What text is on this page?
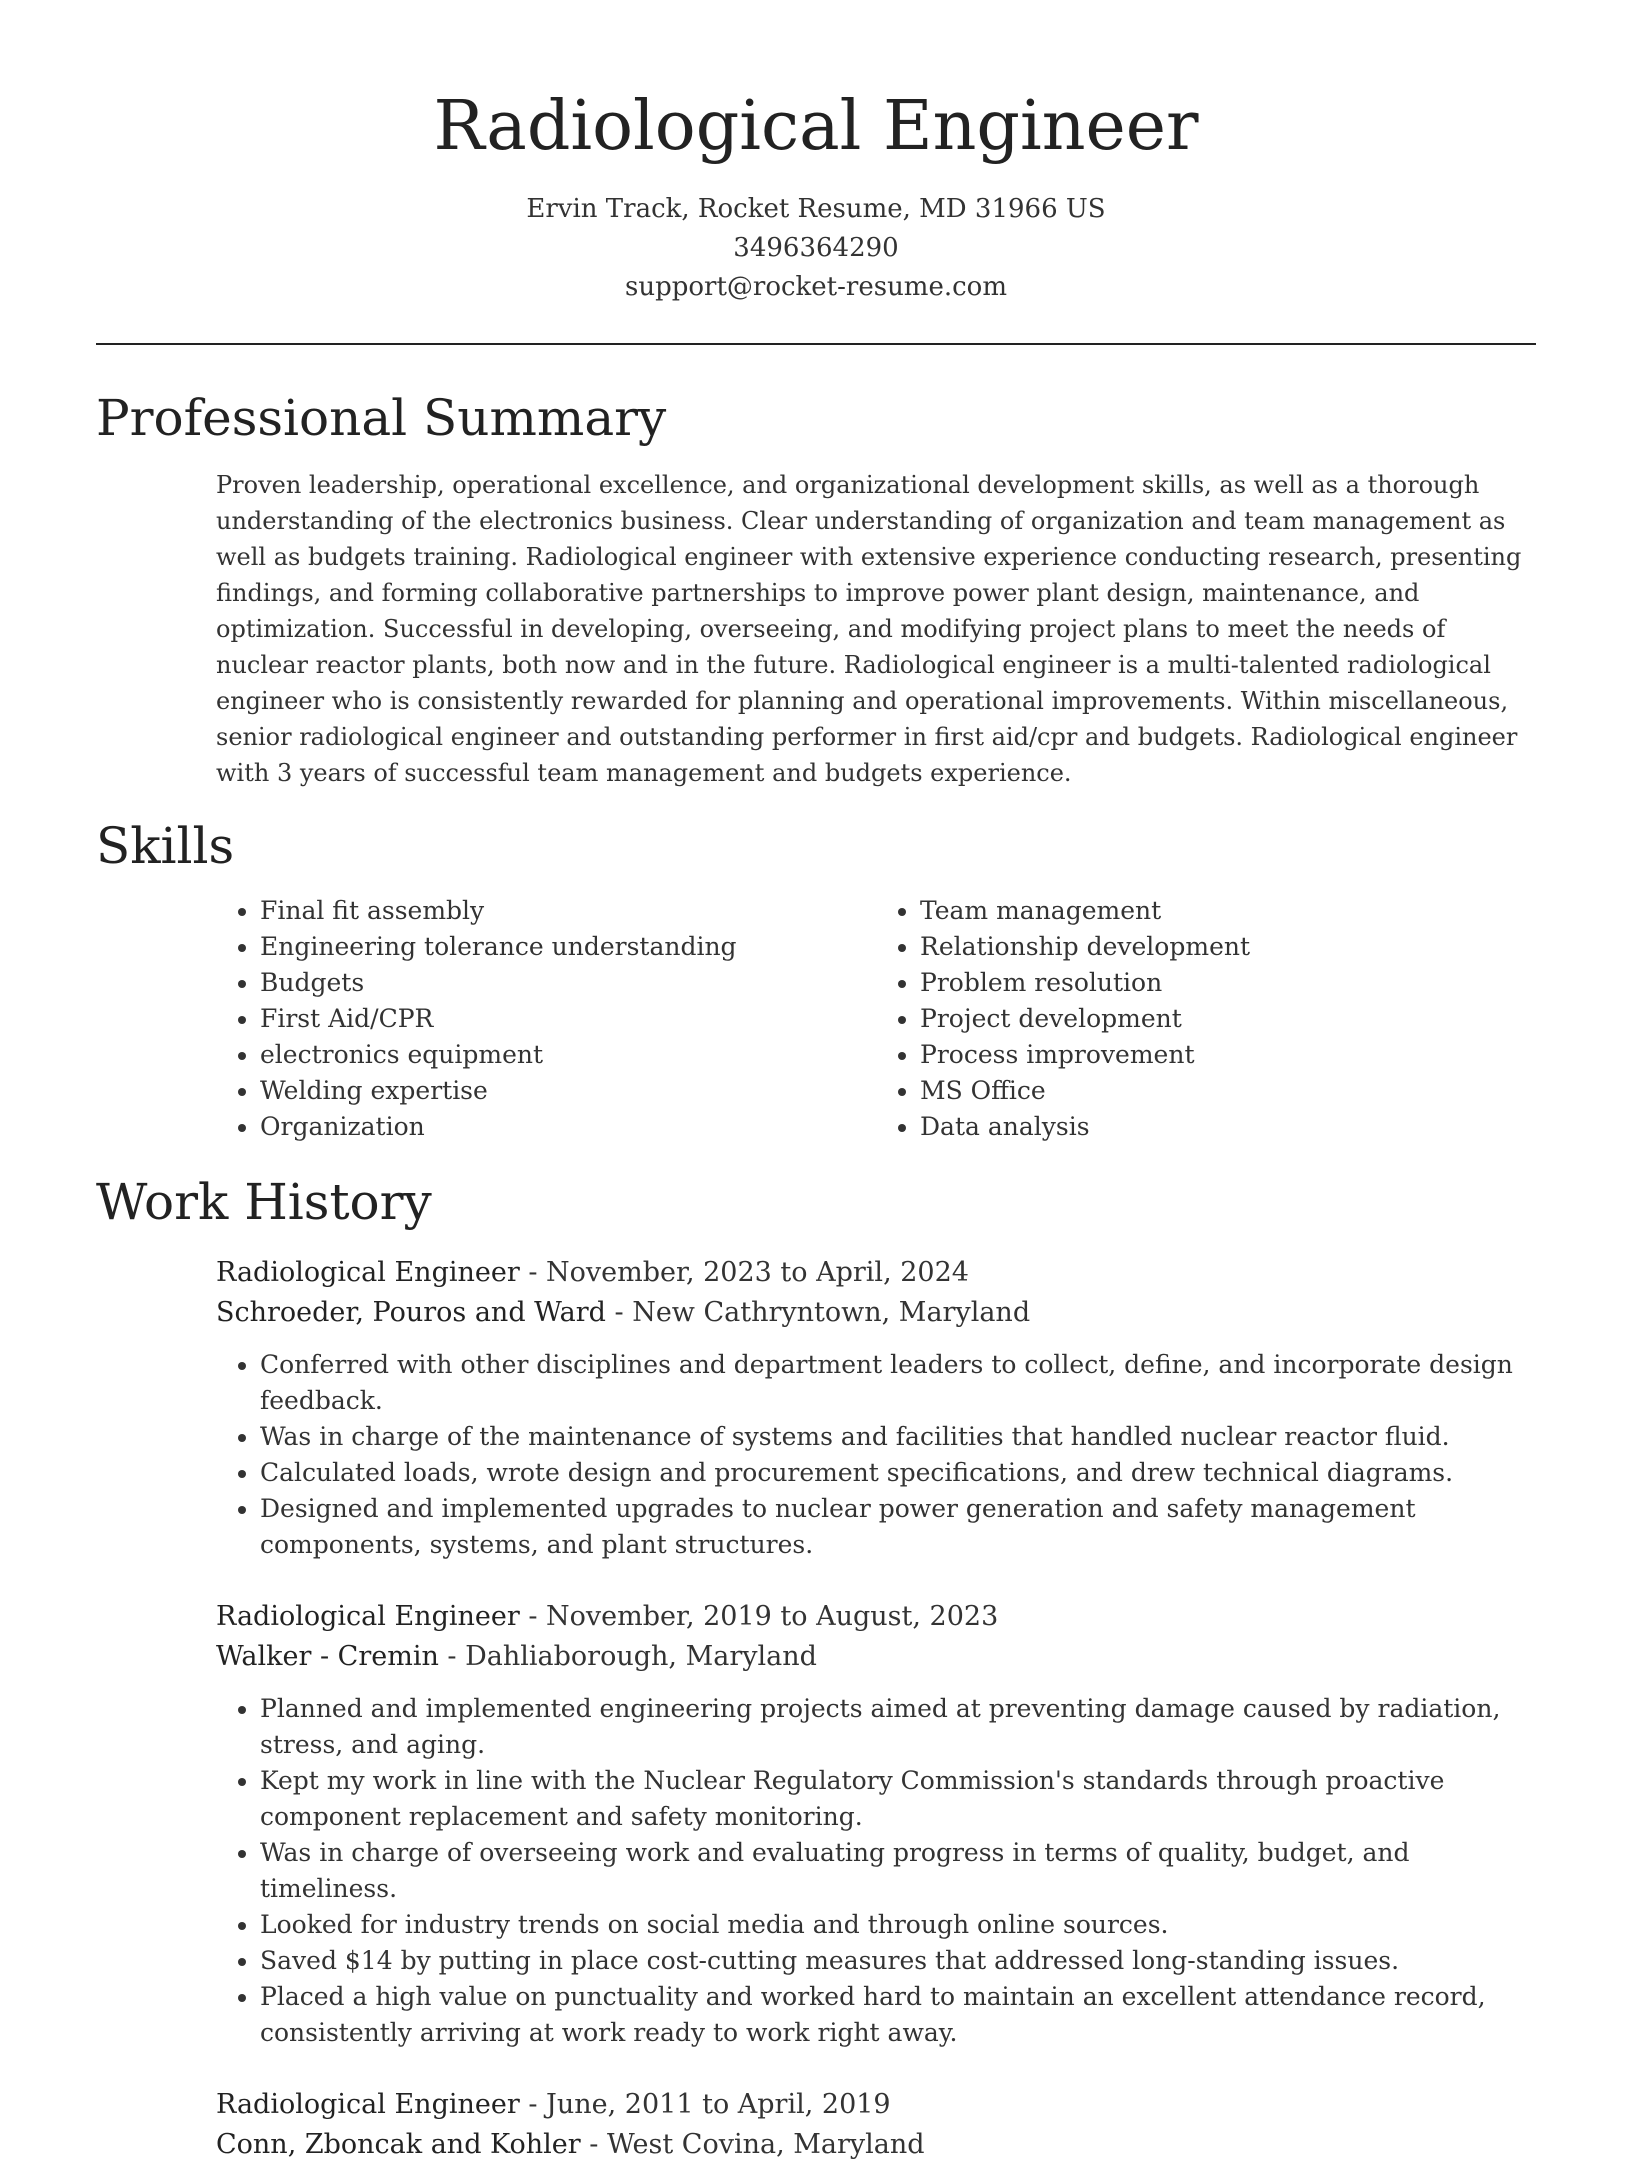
Radiological Engineer
Ervin Track, Rocket Resume, MD 31966 US
3496364290
support@rocket-resume.com
Professional Summary

Proven leadership, operational excellence, and organizational development skills, as well as a thorough understanding of the electronics business. Clear understanding of organization and team management as well as budgets training. Radiological engineer with extensive experience conducting research, presenting findings, and forming collaborative partnerships to improve power plant design, maintenance, and optimization. Successful in developing, overseeing, and modifying project plans to meet the needs of nuclear reactor plants, both now and in the future. Radiological engineer is a multi-talented radiological engineer who is consistently rewarded for planning and operational improvements. Within miscellaneous, senior radiological engineer and outstanding performer in first aid/cpr and budgets. Radiological engineer with 3 years of successful team management and budgets experience.

Skills
• Final fit assembly
• Engineering tolerance understanding
• Budgets
• First Aid/CPR
• electronics equipment
• Welding expertise
• Organization
• Team management
• Relationship development
• Problem resolution
• Project development
• Process improvement
• MS Office
• Data analysis
Work History
Radiological Engineer - November, 2023 to April, 2024
Schroeder, Pouros and Ward - New Cathryntown, Maryland
• Conferred with other disciplines and department leaders to collect, define, and incorporate design feedback.
• Was in charge of the maintenance of systems and facilities that handled nuclear reactor fluid.
• Calculated loads, wrote design and procurement specifications, and drew technical diagrams.
• Designed and implemented upgrades to nuclear power generation and safety management components, systems, and plant structures.
Radiological Engineer - November, 2019 to August, 2023
Walker - Cremin - Dahliaborough, Maryland
• Planned and implemented engineering projects aimed at preventing damage caused by radiation, stress, and aging.
• Kept my work in line with the Nuclear Regulatory Commission's standards through proactive component replacement and safety monitoring.
• Was in charge of overseeing work and evaluating progress in terms of quality, budget, and timeliness.
• Looked for industry trends on social media and through online sources.
• Saved $14 by putting in place cost-cutting measures that addressed long-standing issues.
• Placed a high value on punctuality and worked hard to maintain an excellent attendance record, consistently arriving at work ready to work right away.
Radiological Engineer - June, 2011 to April, 2019
Conn, Zboncak and Kohler - West Covina, Maryland
